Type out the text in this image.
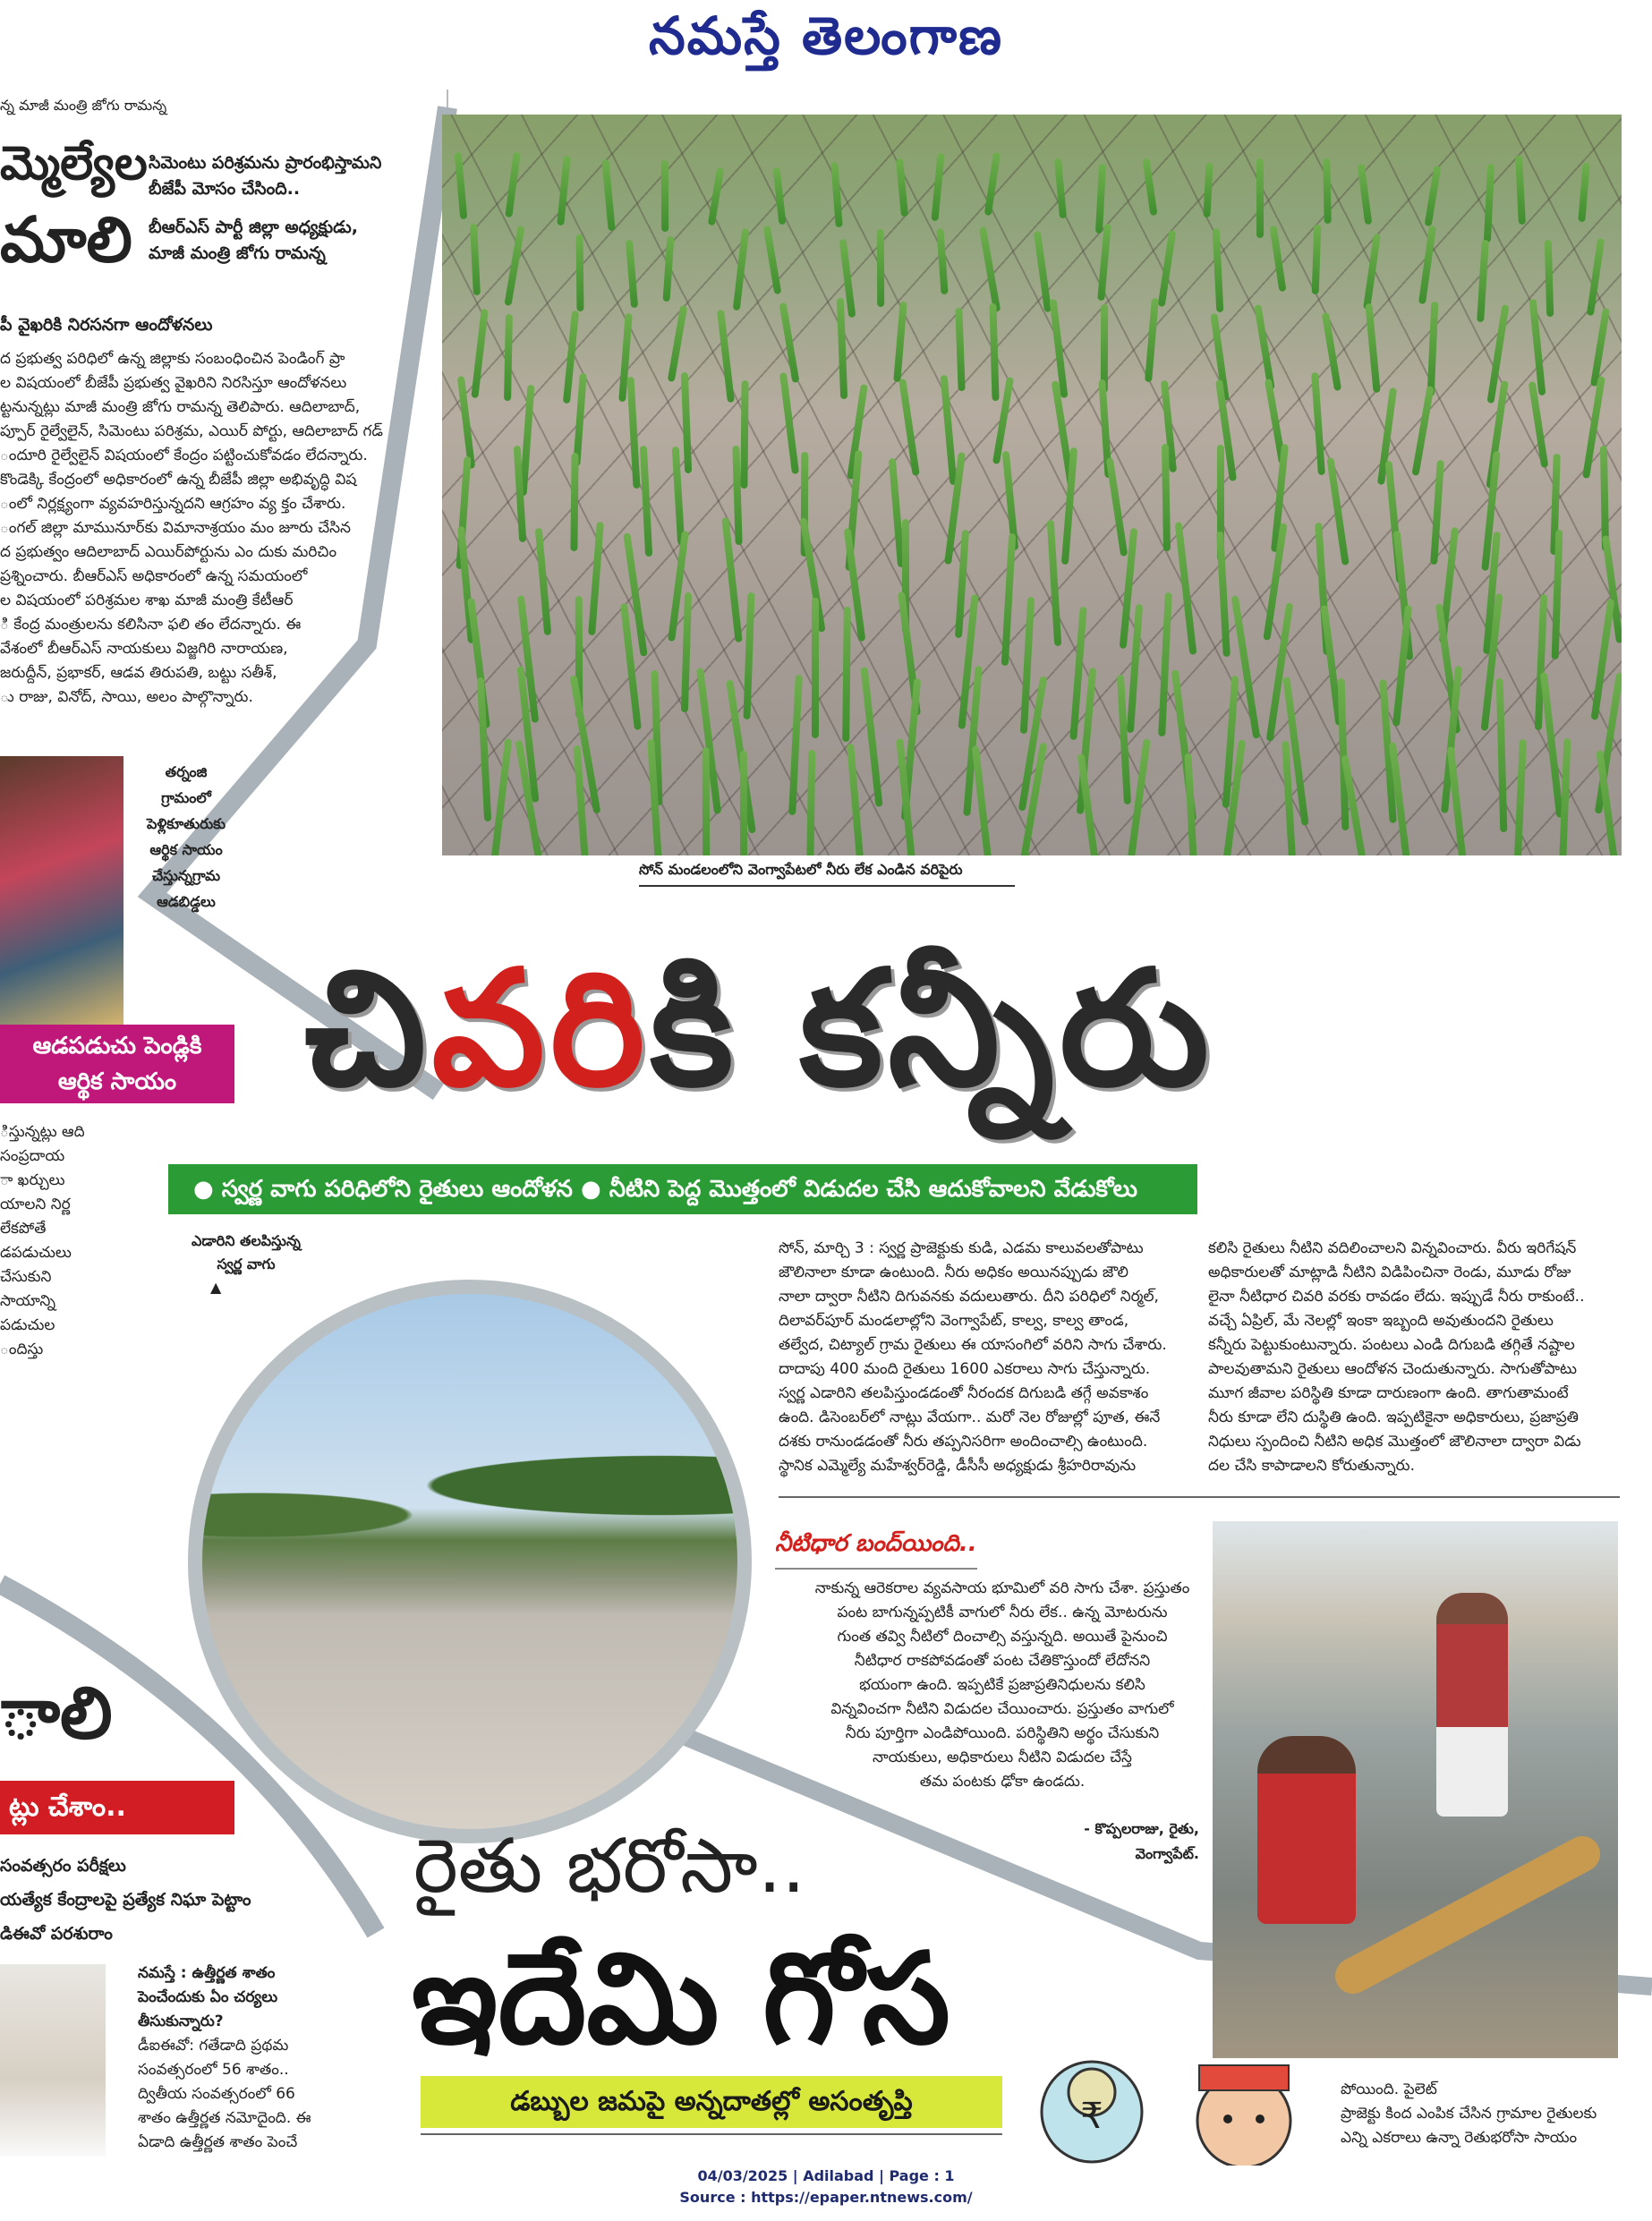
నమస్తే తెలంగాణ
న్న మాజీ మంత్రి జోగు రామన్న
మ్మెల్యేల
మాలి
సిమెంటు పరిశ్రమను ప్రారంభిస్తామని బీజేపీ మోసం చేసింది..
బీఆర్‌ఎస్ పార్టీ జిల్లా అధ్యక్షుడు, మాజీ మంత్రి జోగు రామన్న
పీ వైఖరికి నిరసనగా ఆందోళనలు
ద ప్రభుత్వ పరిధిలో ఉన్న జిల్లాకు సంబంధించిన పెండింగ్ ప్రా
ల విషయంలో బీజేపీ ప్రభుత్వ వైఖరిని నిరసిస్తూ ఆందోళనలు
ట్టనున్నట్లు మాజీ మంత్రి జోగు రామన్న తెలిపారు. ఆదిలాబాద్,
ప్పూర్ రైల్వేలైన్, సిమెంటు పరిశ్రమ, ఎయిర్ పోర్టు, ఆదిలాబాద్ గడ్
ందూరి రైల్వేలైన్ విషయంలో కేంద్రం పట్టించుకోవడం లేదన్నారు.
కొండెక్కి కేంద్రంలో అధికారంలో ఉన్న బీజేపీ జిల్లా అభివృద్ధి విష
ంలో నిర్లక్ష్యంగా వ్యవహరిస్తున్నదని ఆగ్రహం వ్య క్తం చేశారు.
ంగల్ జిల్లా మామునూర్‌కు విమానాశ్రయం మం జూరు చేసిన
ద ప్రభుత్వం ఆదిలాబాద్ ఎయిర్‌పోర్టును ఎం దుకు మరిచిం
ప్రశ్నించారు. బీఆర్‌ఎస్ అధికారంలో ఉన్న సమయంలో
ల విషయంలో పరిశ్రమల శాఖ మాజీ మంత్రి కేటీఆర్
ి కేంద్ర మంత్రులను కలిసినా ఫలి తం లేదన్నారు. ఈ
వేశంలో బీఆర్‌ఎస్ నాయకులు విజ్జగిరి నారాయణ,
జరుద్దీన్, ప్రభాకర్, ఆడవ తిరుపతి, బట్టు సతీశ్,
ు రాజు, వినోద్, సాయి, అలం పాల్గొన్నారు.
తర్నంజి
గ్రామంలో
పెళ్లికూతురుకు
ఆర్థిక సాయం
చేస్తున్నగ్రామ
ఆడబిడ్డలు
ఆడపడుచు పెండ్లికి
ఆర్థిక సాయం
ిస్తున్నట్లు ఆది
సంప్రదాయ
ా ఖర్చులు
యాలని నిర్ణ
లేకపోతే
డపడుచులు
చేసుకుని
సాయాన్ని
పడుచుల
ందిస్తు
ాలి
ట్లు చేశాం..
సంవత్సరం పరీక్షలు
యత్యేక కేంద్రాలపై ప్రత్యేక నిఘా పెట్టాం
డిఈవో పరశురాం
నమస్తే : ఉత్తీర్ణత శాతం
పెంచేందుకు ఏం చర్యలు
తీసుకున్నారు?
డీఐఈవో: గతేడాది ప్రథమ
సంవత్సరంలో 56 శాతం..
ద్వితీయ సంవత్సరంలో 66
శాతం ఉత్తీర్ణత నమోదైంది. ఈ
ఏడాది ఉత్తీర్ణత శాతం పెంచే
సోన్ మండలంలోని వెంగ్వాపేటలో నీరు లేక ఎండిన వరిపైరు
చివరికి కన్నీరు
● స్వర్ణ వాగు పరిధిలోని రైతులు ఆందోళన ● నీటిని పెద్ద మొత్తంలో విడుదల చేసి ఆదుకోవాలని వేడుకోలు
ఎడారిని తలపిస్తున్న
స్వర్ణ వాగు
▲
సోన్, మార్చి 3 : స్వర్ణ ప్రాజెక్టుకు కుడి, ఎడమ కాలువలతోపాటు
జౌలినాలా కూడా ఉంటుంది. నీరు అధికం అయినప్పుడు జౌలి
నాలా ద్వారా నీటిని దిగువనకు వదులుతారు. దీని పరిధిలో నిర్మల్,
దిలావర్‌పూర్ మండలాల్లోని వెంగ్వాపేట్, కాల్వ, కాల్వ తాండ,
తల్వేద, చిట్యాల్ గ్రామ రైతులు ఈ యాసంగిలో వరిని సాగు చేశారు.
దాదాపు 400 మంది రైతులు 1600 ఎకరాలు సాగు చేస్తున్నారు.
స్వర్ణ ఎడారిని తలపిస్తుండడంతో నీరందక దిగుబడి తగ్గే అవకాశం
ఉంది. డిసెంబర్‌లో నాట్లు వేయగా.. మరో నెల రోజుల్లో పూత, ఈనే
దశకు రానుండడంతో నీరు తప్పనిసరిగా అందించాల్సి ఉంటుంది.
స్థానిక ఎమ్మెల్యే మహేశ్వర్‌రెడ్డి, డీసీసీ అధ్యక్షుడు శ్రీహరిరావును
కలిసి రైతులు నీటిని వదిలించాలని విన్నవించారు. వీరు ఇరిగేషన్
అధికారులతో మాట్లాడి నీటిని విడిపించినా రెండు, మూడు రోజు
లైనా నీటిధార చివరి వరకు రావడం లేదు. ఇప్పుడే నీరు రాకుంటే..
వచ్చే ఏప్రిల్, మే నెలల్లో ఇంకా ఇబ్బంది అవుతుందని రైతులు
కన్నీరు పెట్టుకుంటున్నారు. పంటలు ఎండి దిగుబడి తగ్గితే నష్టాల
పాలవుతామని రైతులు ఆందోళన చెందుతున్నారు. సాగుతోపాటు
మూగ జీవాల పరిస్థితి కూడా దారుణంగా ఉంది. తాగుతామంటే
నీరు కూడా లేని దుస్థితి ఉంది. ఇప్పటికైనా అధికారులు, ప్రజాప్రతి
నిధులు స్పందించి నీటిని అధిక మొత్తంలో జౌలినాలా ద్వారా విడు
దల చేసి కాపాడాలని కోరుతున్నారు.
నీటిధార బంద్‌యింది..
నాకున్న ఆరెకరాల వ్యవసాయ భూమిలో వరి సాగు చేశా. ప్రస్తుతం
పంట బాగున్నప్పటికీ వాగులో నీరు లేక.. ఉన్న మోటరును
గుంత తవ్వి నీటిలో దించాల్సి వస్తున్నది. అయితే పైనుంచి
నీటిధార రాకపోవడంతో పంట చేతికొస్తుందో లేదోనని
భయంగా ఉంది. ఇప్పటికే ప్రజాప్రతినిధులను కలిసి
విన్నవించగా నీటిని విడుదల చేయించారు. ప్రస్తుతం వాగులో
నీరు పూర్తిగా ఎండిపోయింది. పరిస్థితిని అర్థం చేసుకుని
నాయకులు, అధికారులు నీటిని విడుదల చేస్తే
తమ పంటకు ఢోకా ఉండదు.
- కొప్పలరాజు, రైతు,
వెంగ్వాపేట్.
రైతు భరోసా..
ఇదేమి గోస
డబ్బుల జమపై అన్నదాతల్లో అసంతృప్తి	₹
పోయింది. పైలెట్
ప్రాజెక్టు కింద ఎంపిక చేసిన గ్రామాల రైతులకు
ఎన్ని ఎకరాలు ఉన్నా రెతుభరోసా సాయం
04/03/2025 | Adilabad | Page : 1
Source : https://epaper.ntnews.com/
